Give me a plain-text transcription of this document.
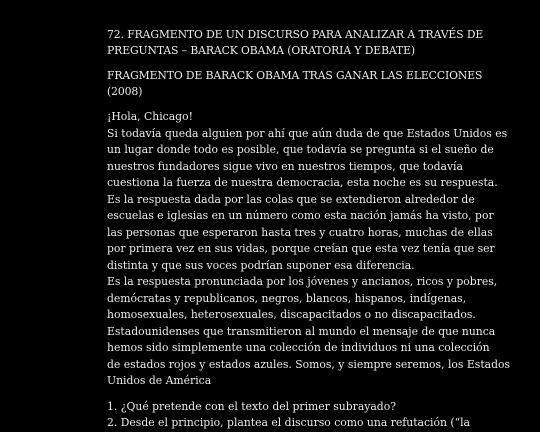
72. FRAGMENTO DE UN DISCURSO PARA ANALIZAR A TRAVÉS DE
PREGUNTAS – BARACK OBAMA (ORATORIA Y DEBATE)
FRAGMENTO DE BARACK OBAMA TRAS GANAR LAS ELECCIONES
(2008)

¡Hola, Chicago!

Si todavía queda alguien por ahí que aún duda de que Estados Unidos es
un lugar donde todo es posible, que todavía se pregunta si el sueño de
nuestros fundadores sigue vivo en nuestros tiempos, que todavía
cuestiona la fuerza de nuestra democracia, esta noche es su respuesta.
Es la respuesta dada por las colas que se extendieron alrededor de
escuelas e iglesias en un número como esta nación jamás ha visto, por
las personas que esperaron hasta tres y cuatro horas, muchas de ellas
por primera vez en sus vidas, porque creían que esta vez tenía que ser
distinta y que sus voces podrían suponer esa diferencia.
Es la respuesta pronunciada por los jóvenes y ancianos, ricos y pobres,
demócratas y republicanos, negros, blancos, hispanos, indígenas,
homosexuales, heterosexuales, discapacitados o no discapacitados.
Estadounidenses que transmitieron al mundo el mensaje de que nunca
hemos sido simplemente una colección de individuos ni una colección
de estados rojos y estados azules. Somos, y siempre seremos, los Estados
Unidos de América
1. ¿Qué pretende con el texto del primer subrayado?
2. Desde el principio, plantea el discurso como una refutación (“la
